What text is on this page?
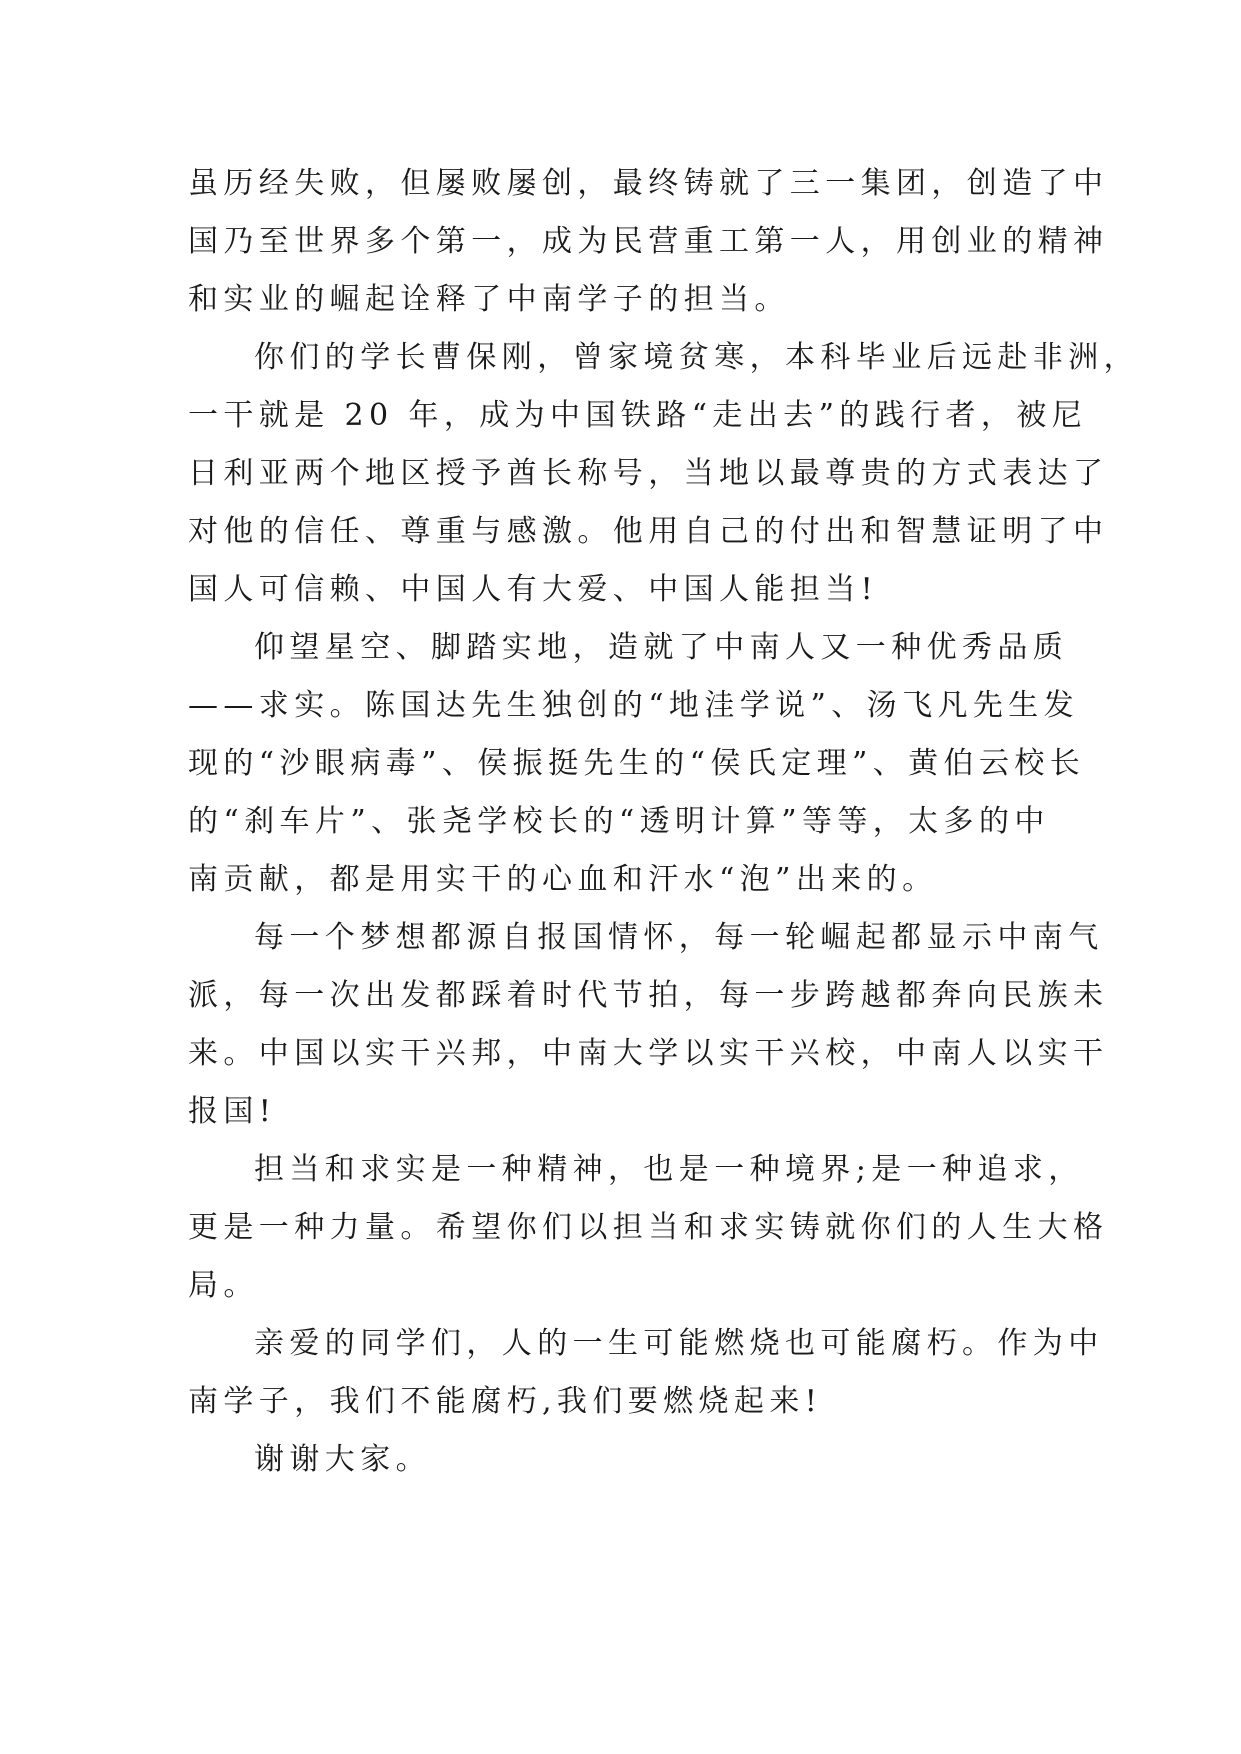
虽历经失败，但屡败屡创，最终铸就了三一集团，创造了中
国乃至世界多个第一，成为民营重工第一人，用创业的精神
和实业的崛起诠释了中南学子的担当。

你们的学长曹保刚，曾家境贫寒，本科毕业后远赴非洲，
一干就是 20 年，成为中国铁路“走出去”的践行者，被尼
日利亚两个地区授予酋长称号，当地以最尊贵的方式表达了
对他的信任、尊重与感激。他用自己的付出和智慧证明了中
国人可信赖、中国人有大爱、中国人能担当!

仰望星空、脚踏实地，造就了中南人又一种优秀品质
——求实。陈国达先生独创的“地洼学说”、汤飞凡先生发
现的“沙眼病毒”、侯振挺先生的“侯氏定理”、黄伯云校长
的“刹车片”、张尧学校长的“透明计算”等等，太多的中
南贡献，都是用实干的心血和汗水“泡”出来的。

每一个梦想都源自报国情怀，每一轮崛起都显示中南气
派，每一次出发都踩着时代节拍，每一步跨越都奔向民族未
来。中国以实干兴邦，中南大学以实干兴校，中南人以实干
报国!

担当和求实是一种精神，也是一种境界;是一种追求，
更是一种力量。希望你们以担当和求实铸就你们的人生大格
局。

亲爱的同学们，人的一生可能燃烧也可能腐朽。作为中
南学子，我们不能腐朽,我们要燃烧起来!

谢谢大家。
